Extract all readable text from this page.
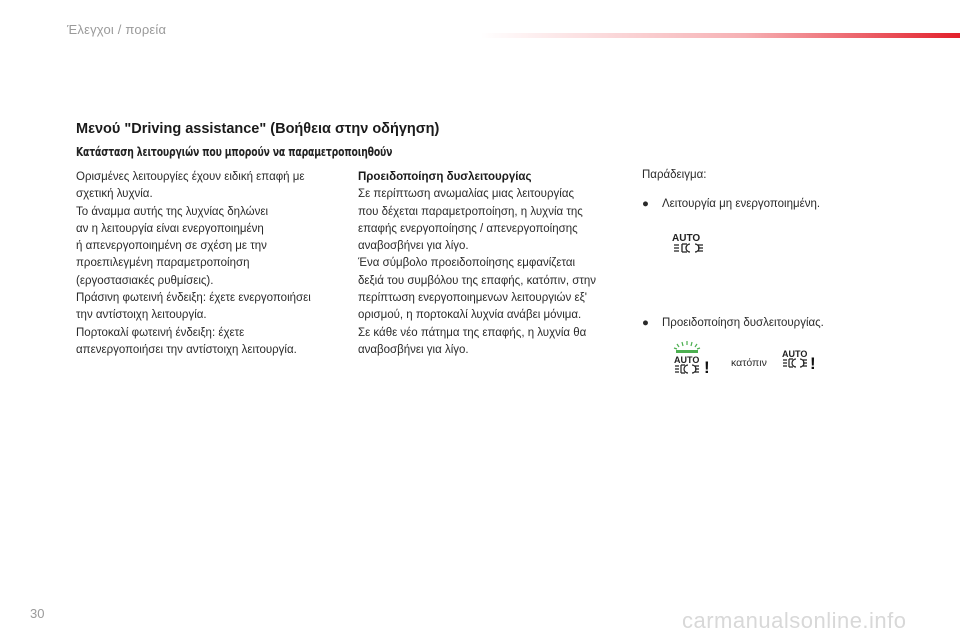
Έλεγχοι / πορεία
Μενού "Driving assistance" (Βοήθεια στην οδήγηση)
Κατάσταση λειτουργιών που μπορούν να παραμετροποιηθούν

Ορισμένες λειτουργίες έχουν ειδική επαφή με
σχετική λυχνία.
Το άναμμα αυτής της λυχνίας δηλώνει
αν η λειτουργία είναι ενεργοποιημένη
ή απενεργοποιημένη σε σχέση με την
προεπιλεγμένη παραμετροποίηση
(εργοστασιακές ρυθμίσεις).
Πράσινη φωτεινή ένδειξη: έχετε ενεργοποιήσει
την αντίστοιχη λειτουργία.
Πορτοκαλί φωτεινή ένδειξη: έχετε
απενεργοποιήσει την αντίστοιχη λειτουργία.

Προειδοποίηση δυσλειτουργίας

Σε περίπτωση ανωμαλίας μιας λειτουργίας
που δέχεται παραμετροποίηση, η λυχνία της
επαφής ενεργοποίησης / απενεργοποίησης
αναβοσβήνει για λίγο.
Ένα σύμβολο προειδοποίησης εμφανίζεται
δεξιά του συμβόλου της επαφής, κατόπιν, στην
περίπτωση ενεργοποιημενων λειτουργιών εξ'
ορισμού, η πορτοκαλί λυχνία ανάβει μόνιμα.
Σε κάθε νέο πάτημα της επαφής, η λυχνία θα
αναβοσβήνει για λίγο.

Παράδειγμα:
● Λειτουργία μη ενεργοποιημένη.
AUTO
● Προειδοποίηση δυσλειτουργίας.
AUTO ! κατόπιν
AUTO !
30	carmanualsonline.info
